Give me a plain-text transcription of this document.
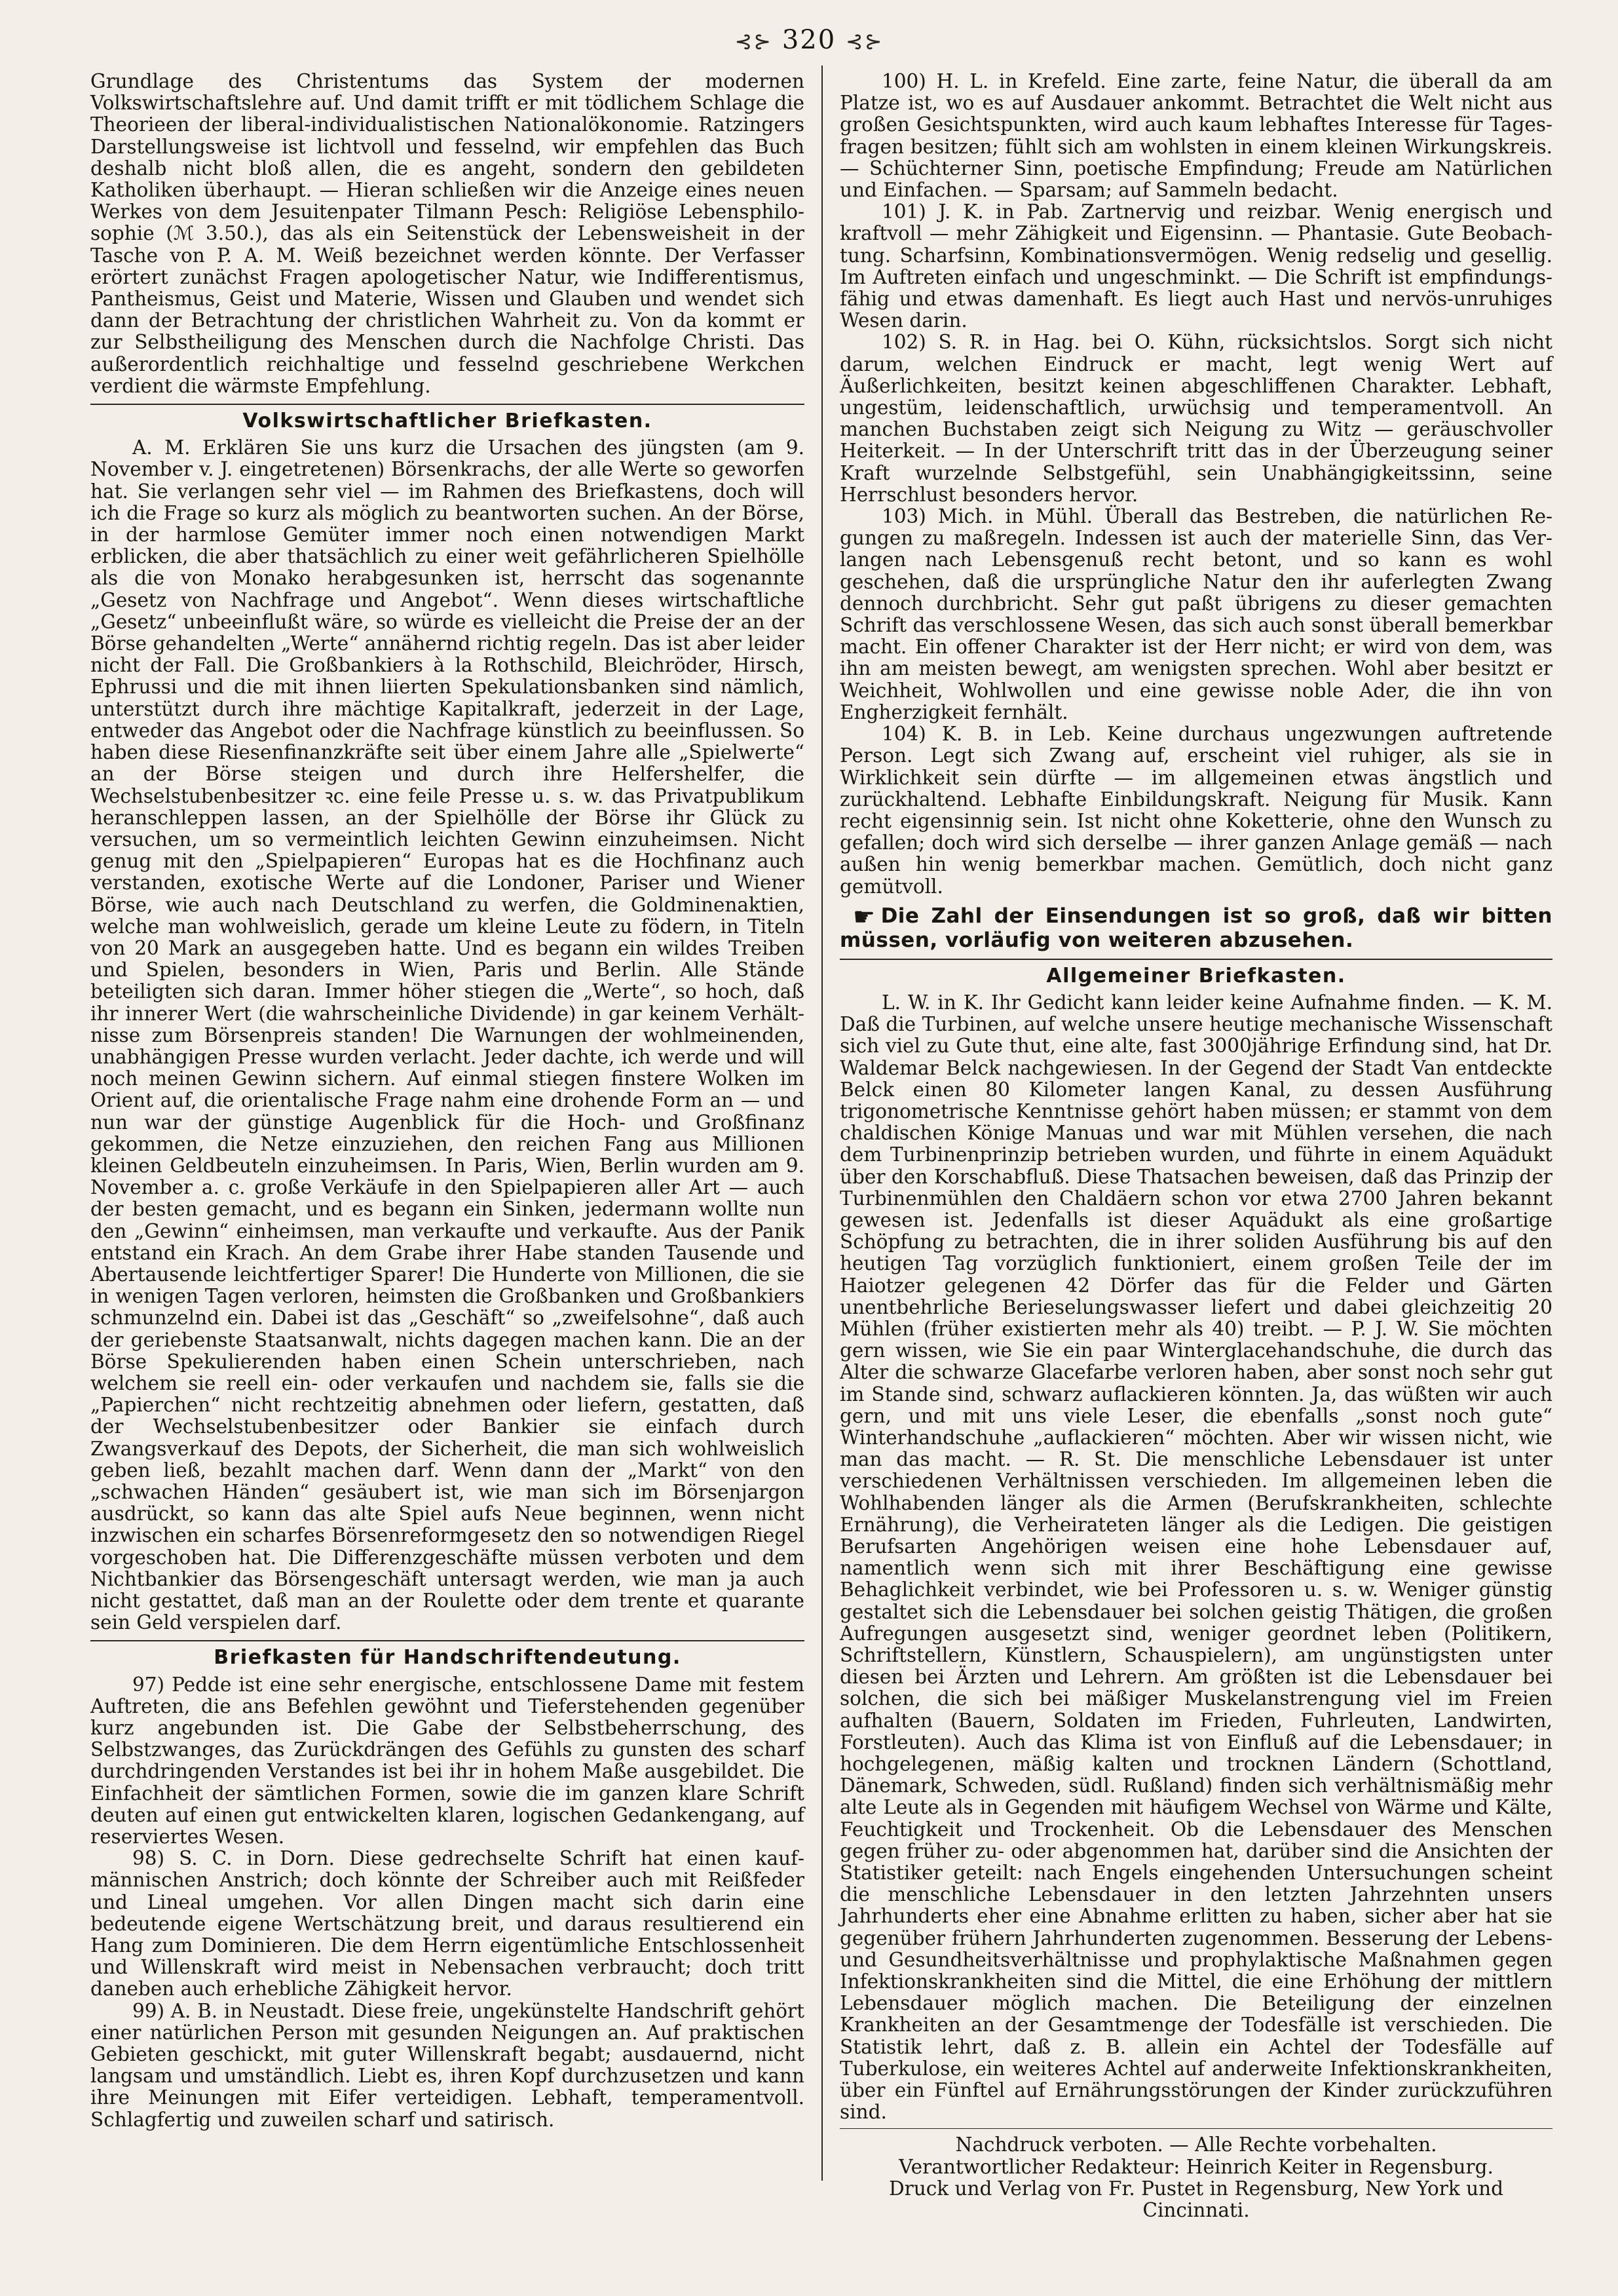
⊰⊱ 320 ⊰⊱

Grundlage des Christentums das System der modernen Volkswirtschaftslehre auf. Und damit trifft er mit tödlichem Schlage die Theorieen der liberal-individualistischen Nationalökonomie. Ratzingers Darstellungsweise ist lichtvoll und fesselnd, wir empfehlen das Buch deshalb nicht bloß allen, die es angeht, sondern den gebildeten Katholiken überhaupt. — Hieran schließen wir die Anzeige eines neuen Werkes von dem Jesuitenpater Tilmann Pesch: Religiöse Lebensphilosophie (ℳ 3.50.), das als ein Seitenstück der Lebensweisheit in der Tasche von P. A. M. Weiß bezeichnet werden könnte. Der Verfasser erörtert zunächst Fragen apologetischer Natur, wie Indifferentismus, Pantheismus, Geist und Materie, Wissen und Glauben und wendet sich dann der Betrachtung der christlichen Wahrheit zu. Von da kommt er zur Selbstheiligung des Menschen durch die Nachfolge Christi. Das außerordentlich reichhaltige und fesselnd geschriebene Werkchen verdient die wärmste Empfehlung.

Volkswirtschaftlicher Briefkasten.

A. M. Erklären Sie uns kurz die Ursachen des jüngsten (am 9. November v. J. eingetretenen) Börsenkrachs, der alle Werte so geworfen hat. Sie verlangen sehr viel — im Rahmen des Briefkastens, doch will ich die Frage so kurz als möglich zu beantworten suchen. An der Börse, in der harmlose Gemüter immer noch einen notwendigen Markt erblicken, die aber thatsächlich zu einer weit gefährlicheren Spielhölle als die von Monako herabgesunken ist, herrscht das sogenannte „Gesetz von Nachfrage und Angebot“. Wenn dieses wirtschaftliche „Gesetz“ unbeeinflußt wäre, so würde es vielleicht die Preise der an der Börse gehandelten „Werte“ annähernd richtig regeln. Das ist aber leider nicht der Fall. Die Großbankiers à la Rothschild, Bleichröder, Hirsch, Ephrussi und die mit ihnen liierten Spekulationsbanken sind nämlich, unterstützt durch ihre mächtige Kapitalkraft, jederzeit in der Lage, entweder das Angebot oder die Nachfrage künstlich zu beeinflussen. So haben diese Riesenfinanzkräfte seit über einem Jahre alle „Spielwerte“ an der Börse steigen und durch ihre Helfershelfer, die Wechselstubenbesitzer ꝛc. eine feile Presse u. s. w. das Privatpublikum heranschleppen lassen, an der Spielhölle der Börse ihr Glück zu versuchen, um so vermeintlich leichten Gewinn einzuheimsen. Nicht genug mit den „Spielpapieren“ Europas hat es die Hochfinanz auch verstanden, exotische Werte auf die Londoner, Pariser und Wiener Börse, wie auch nach Deutschland zu werfen, die Goldminenaktien, welche man wohlweislich, gerade um kleine Leute zu födern, in Titeln von 20 Mark an ausgegeben hatte. Und es begann ein wildes Treiben und Spielen, besonders in Wien, Paris und Berlin. Alle Stände beteiligten sich daran. Immer höher stiegen die „Werte“, so hoch, daß ihr innerer Wert (die wahrscheinliche Dividende) in gar keinem Verhältnisse zum Börsenpreis standen! Die Warnungen der wohlmeinenden, unabhängigen Presse wurden verlacht. Jeder dachte, ich werde und will noch meinen Gewinn sichern. Auf einmal stiegen finstere Wolken im Orient auf, die orientalische Frage nahm eine drohende Form an — und nun war der günstige Augenblick für die Hoch- und Großfinanz gekommen, die Netze einzuziehen, den reichen Fang aus Millionen kleinen Geldbeuteln einzuheimsen. In Paris, Wien, Berlin wurden am 9. November a. c. große Verkäufe in den Spielpapieren aller Art — auch der besten gemacht, und es begann ein Sinken, jedermann wollte nun den „Gewinn“ einheimsen, man verkaufte und verkaufte. Aus der Panik entstand ein Krach. An dem Grabe ihrer Habe standen Tausende und Abertausende leichtfertiger Sparer! Die Hunderte von Millionen, die sie in wenigen Tagen verloren, heimsten die Großbanken und Großbankiers schmunzelnd ein. Dabei ist das „Geschäft“ so „zweifelsohne“, daß auch der geriebenste Staatsanwalt, nichts dagegen machen kann. Die an der Börse Spekulierenden haben einen Schein unterschrieben, nach welchem sie reell ein- oder verkaufen und nachdem sie, falls sie die „Papierchen“ nicht rechtzeitig abnehmen oder liefern, gestatten, daß der Wechselstubenbesitzer oder Bankier sie einfach durch Zwangsverkauf des Depots, der Sicherheit, die man sich wohlweislich geben ließ, bezahlt machen darf. Wenn dann der „Markt“ von den „schwachen Händen“ gesäubert ist, wie man sich im Börsenjargon ausdrückt, so kann das alte Spiel aufs Neue beginnen, wenn nicht inzwischen ein scharfes Börsenreformgesetz den so notwendigen Riegel vorgeschoben hat. Die Differenzgeschäfte müssen verboten und dem Nichtbankier das Börsengeschäft untersagt werden, wie man ja auch nicht gestattet, daß man an der Roulette oder dem trente et quarante sein Geld verspielen darf.

Briefkasten für Handschriftendeutung.

97) Pedde ist eine sehr energische, entschlossene Dame mit festem Auftreten, die ans Befehlen gewöhnt und Tieferstehenden gegenüber kurz angebunden ist. Die Gabe der Selbstbeherrschung, des Selbstzwanges, das Zurückdrängen des Gefühls zu gunsten des scharf durchdringenden Verstandes ist bei ihr in hohem Maße ausgebildet. Die Einfachheit der sämtlichen Formen, sowie die im ganzen klare Schrift deuten auf einen gut entwickelten klaren, logischen Gedankengang, auf reserviertes Wesen.

98) S. C. in Dorn. Diese gedrechselte Schrift hat einen kaufmännischen Anstrich; doch könnte der Schreiber auch mit Reißfeder und Lineal umgehen. Vor allen Dingen macht sich darin eine bedeutende eigene Wertschätzung breit, und daraus resultierend ein Hang zum Dominieren. Die dem Herrn eigentümliche Entschlossenheit und Willenskraft wird meist in Nebensachen verbraucht; doch tritt daneben auch erhebliche Zähigkeit hervor.

99) A. B. in Neustadt. Diese freie, ungekünstelte Handschrift gehört einer natürlichen Person mit gesunden Neigungen an. Auf praktischen Gebieten geschickt, mit guter Willenskraft begabt; ausdauernd, nicht langsam und umständlich. Liebt es, ihren Kopf durchzusetzen und kann ihre Meinungen mit Eifer verteidigen. Lebhaft, temperamentvoll. Schlagfertig und zuweilen scharf und satirisch.

100) H. L. in Krefeld. Eine zarte, feine Natur, die überall da am Platze ist, wo es auf Ausdauer ankommt. Betrachtet die Welt nicht aus großen Gesichtspunkten, wird auch kaum lebhaftes Interesse für Tagesfragen besitzen; fühlt sich am wohlsten in einem kleinen Wirkungskreis. — Schüchterner Sinn, poetische Empfindung; Freude am Natürlichen und Einfachen. — Sparsam; auf Sammeln bedacht.

101) J. K. in Pab. Zartnervig und reizbar. Wenig energisch und kraftvoll — mehr Zähigkeit und Eigensinn. — Phantasie. Gute Beobachtung. Scharfsinn, Kombinationsvermögen. Wenig redselig und gesellig. Im Auftreten einfach und ungeschminkt. — Die Schrift ist empfindungsfähig und etwas damenhaft. Es liegt auch Hast und nervös-unruhiges Wesen darin.

102) S. R. in Hag. bei O. Kühn, rücksichtslos. Sorgt sich nicht darum, welchen Eindruck er macht, legt wenig Wert auf Äußerlichkeiten, besitzt keinen abgeschliffenen Charakter. Lebhaft, ungestüm, leidenschaftlich, urwüchsig und temperamentvoll. An manchen Buchstaben zeigt sich Neigung zu Witz — geräuschvoller Heiterkeit. — In der Unterschrift tritt das in der Überzeugung seiner Kraft wurzelnde Selbstgefühl, sein Unabhängigkeitssinn, seine Herrschlust besonders hervor.

103) Mich. in Mühl. Überall das Bestreben, die natürlichen Regungen zu maßregeln. Indessen ist auch der materielle Sinn, das Verlangen nach Lebensgenuß recht betont, und so kann es wohl geschehen, daß die ursprüngliche Natur den ihr auferlegten Zwang dennoch durchbricht. Sehr gut paßt übrigens zu dieser gemachten Schrift das verschlossene Wesen, das sich auch sonst überall bemerkbar macht. Ein offener Charakter ist der Herr nicht; er wird von dem, was ihn am meisten bewegt, am wenigsten sprechen. Wohl aber besitzt er Weichheit, Wohlwollen und eine gewisse noble Ader, die ihn von Engherzigkeit fernhält.

104) K. B. in Leb. Keine durchaus ungezwungen auftretende Person. Legt sich Zwang auf, erscheint viel ruhiger, als sie in Wirklichkeit sein dürfte — im allgemeinen etwas ängstlich und zurückhaltend. Lebhafte Einbildungskraft. Neigung für Musik. Kann recht eigensinnig sein. Ist nicht ohne Koketterie, ohne den Wunsch zu gefallen; doch wird sich derselbe — ihrer ganzen Anlage gemäß — nach außen hin wenig bemerkbar machen. Gemütlich, doch nicht ganz gemütvoll.

☛ Die Zahl der Einsendungen ist so groß, daß wir bitten müssen, vorläufig von weiteren abzusehen.
Allgemeiner Briefkasten.

L. W. in K. Ihr Gedicht kann leider keine Aufnahme finden. — K. M. Daß die Turbinen, auf welche unsere heutige mechanische Wissenschaft sich viel zu Gute thut, eine alte, fast 3000jährige Erfindung sind, hat Dr. Waldemar Belck nachgewiesen. In der Gegend der Stadt Van entdeckte Belck einen 80 Kilometer langen Kanal, zu dessen Ausführung trigonometrische Kenntnisse gehört haben müssen; er stammt von dem chaldischen Könige Manuas und war mit Mühlen versehen, die nach dem Turbinenprinzip betrieben wurden, und führte in einem Aquädukt über den Korschabfluß. Diese Thatsachen beweisen, daß das Prinzip der Turbinenmühlen den Chaldäern schon vor etwa 2700 Jahren bekannt gewesen ist. Jedenfalls ist dieser Aquädukt als eine großartige Schöpfung zu betrachten, die in ihrer soliden Ausführung bis auf den heutigen Tag vorzüglich funktioniert, einem großen Teile der im Haiotzer gelegenen 42 Dörfer das für die Felder und Gärten unentbehrliche Berieselungswasser liefert und dabei gleichzeitig 20 Mühlen (früher existierten mehr als 40) treibt. — P. J. W. Sie möchten gern wissen, wie Sie ein paar Winterglacehandschuhe, die durch das Alter die schwarze Glacefarbe verloren haben, aber sonst noch sehr gut im Stande sind, schwarz auflackieren könnten. Ja, das wüßten wir auch gern, und mit uns viele Leser, die ebenfalls „sonst noch gute“ Winterhandschuhe „auflackieren“ möchten. Aber wir wissen nicht, wie man das macht. — R. St. Die menschliche Lebensdauer ist unter verschiedenen Verhältnissen verschieden. Im allgemeinen leben die Wohlhabenden länger als die Armen (Berufskrankheiten, schlechte Ernährung), die Verheirateten länger als die Ledigen. Die geistigen Berufsarten Angehörigen weisen eine hohe Lebensdauer auf, namentlich wenn sich mit ihrer Beschäftigung eine gewisse Behaglichkeit verbindet, wie bei Professoren u. s. w. Weniger günstig gestaltet sich die Lebensdauer bei solchen geistig Thätigen, die großen Aufregungen ausgesetzt sind, weniger geordnet leben (Politikern, Schriftstellern, Künstlern, Schauspielern), am ungünstigsten unter diesen bei Ärzten und Lehrern. Am größten ist die Lebensdauer bei solchen, die sich bei mäßiger Muskelanstrengung viel im Freien aufhalten (Bauern, Soldaten im Frieden, Fuhrleuten, Landwirten, Forstleuten). Auch das Klima ist von Einfluß auf die Lebensdauer; in hochgelegenen, mäßig kalten und trocknen Ländern (Schottland, Dänemark, Schweden, südl. Rußland) finden sich verhältnismäßig mehr alte Leute als in Gegenden mit häufigem Wechsel von Wärme und Kälte, Feuchtigkeit und Trockenheit. Ob die Lebensdauer des Menschen gegen früher zu- oder abgenommen hat, darüber sind die Ansichten der Statistiker geteilt: nach Engels eingehenden Untersuchungen scheint die menschliche Lebensdauer in den letzten Jahrzehnten unsers Jahrhunderts eher eine Abnahme erlitten zu haben, sicher aber hat sie gegenüber frühern Jahrhunderten zugenommen. Besserung der Lebens- und Gesundheitsverhältnisse und prophylaktische Maßnahmen gegen Infektionskrankheiten sind die Mittel, die eine Erhöhung der mittlern Lebensdauer möglich machen. Die Beteiligung der einzelnen Krankheiten an der Gesamtmenge der Todesfälle ist verschieden. Die Statistik lehrt, daß z. B. allein ein Achtel der Todesfälle auf Tuberkulose, ein weiteres Achtel auf anderweite Infektionskrankheiten, über ein Fünftel auf Ernährungsstörungen der Kinder zurückzuführen sind.

Nachdruck verboten. — Alle Rechte vorbehalten.

Verantwortlicher Redakteur: Heinrich Keiter in Regensburg.

Druck und Verlag von Fr. Pustet in Regensburg, New York und Cincinnati.
